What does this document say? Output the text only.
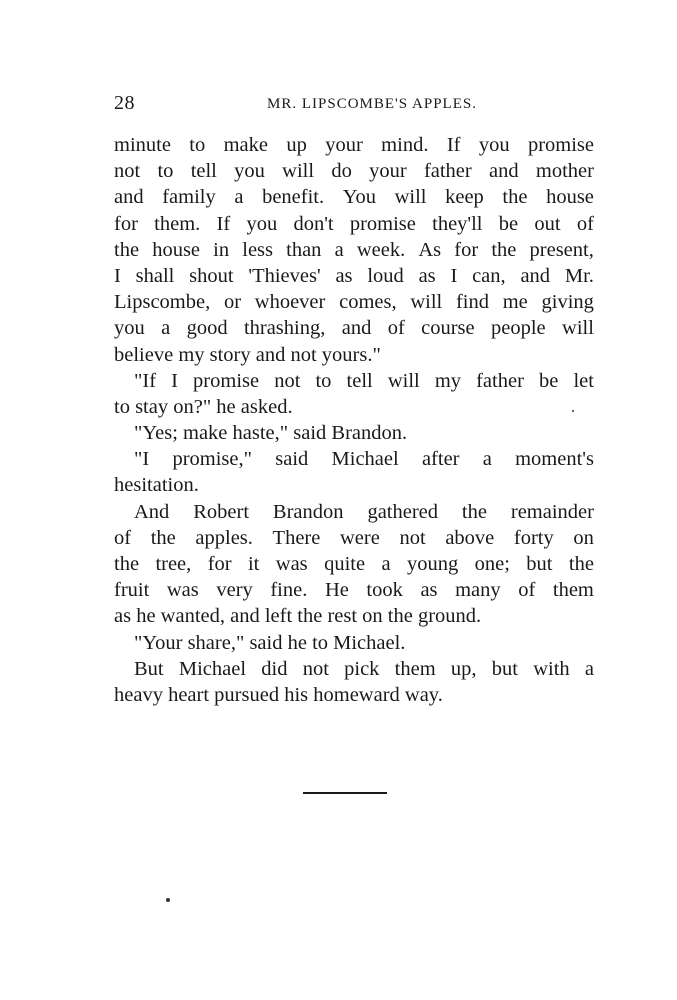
28	MR. LIPSCOMBE'S APPLES.
minute to make up your mind. If you promise
not to tell you will do your father and mother
and family a benefit. You will keep the house
for them. If you don't promise they'll be out of
the house in less than a week. As for the present,
I shall shout 'Thieves' as loud as I can, and Mr.
Lipscombe, or whoever comes, will find me giving
you a good thrashing, and of course people will
believe my story and not yours."
"If I promise not to tell will my father be let
to stay on?" he asked.
"Yes; make haste," said Brandon.
"I promise," said Michael after a moment's
hesitation.
And Robert Brandon gathered the remainder
of the apples. There were not above forty on
the tree, for it was quite a young one; but the
fruit was very fine. He took as many of them
as he wanted, and left the rest on the ground.
"Your share," said he to Michael.
But Michael did not pick them up, but with a
heavy heart pursued his homeward way.
